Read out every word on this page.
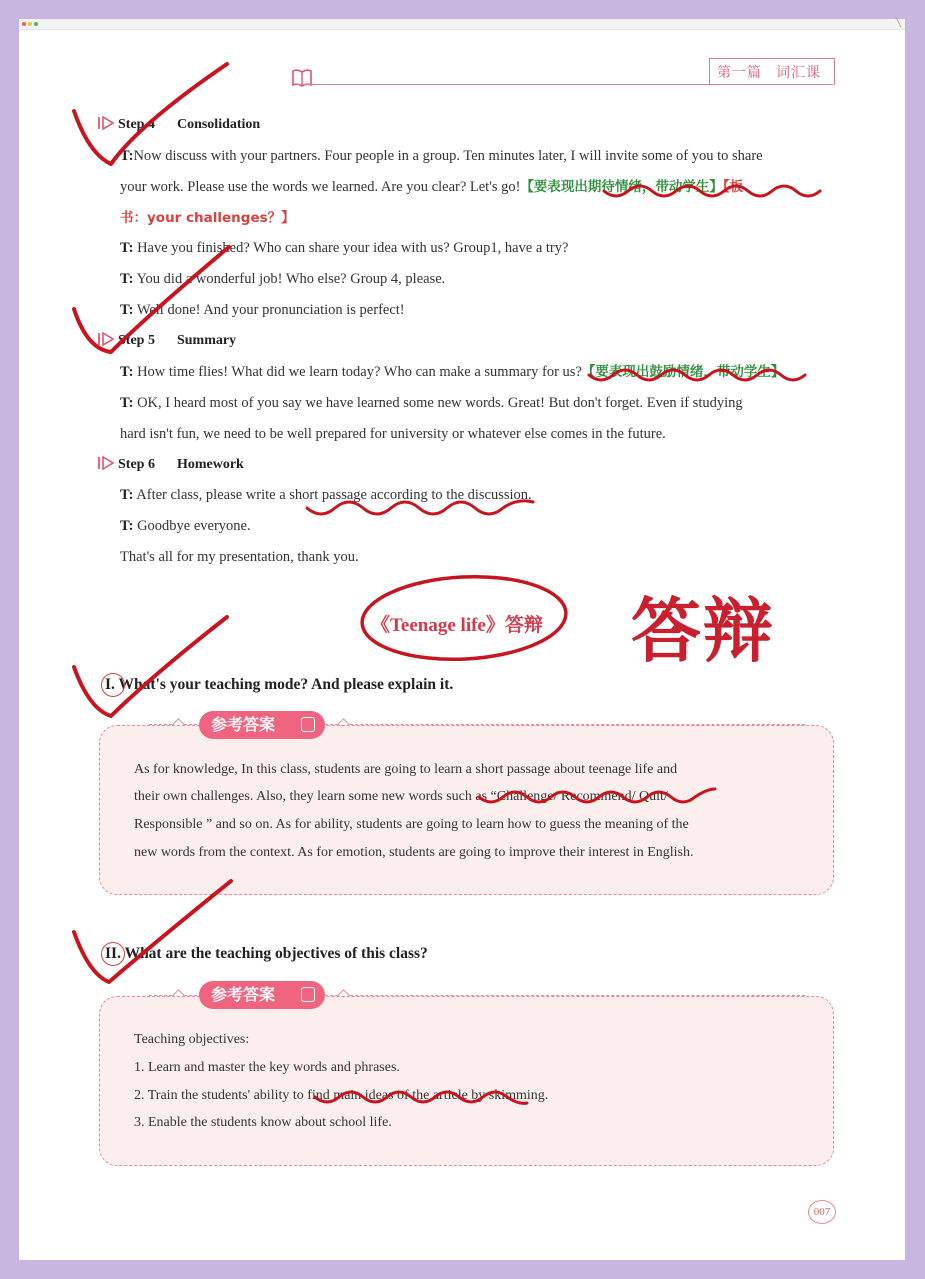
╲
第一篇 词汇课
Step 4 Consolidation
T:Now discuss with your partners. Four people in a group. Ten minutes later, I will invite some of you to share
your work. Please use the words we learned. Are you clear? Let's go!【要表现出期待情绪，带动学生】【板
书：your challenges？】
T: Have you finished? Who can share your idea with us? Group1, have a try?
T: You did a wonderful job! Who else? Group 4, please.
T: Well done! And your pronunciation is perfect!
Step 5 Summary
T: How time flies! What did we learn today? Who can make a summary for us?【要表现出鼓励情绪，带动学生】
T: OK, I heard most of you say we have learned some new words. Great! But don't forget. Even if studying
hard isn't fun, we need to be well prepared for university or whatever else comes in the future.
Step 6 Homework
T: After class, please write a short passage according to the discussion.
T: Goodbye everyone.
That's all for my presentation, thank you.
《Teenage life》答辩 答辩
I. What's your teaching mode? And please explain it.
参考答案
As for knowledge, In this class, students are going to learn a short passage about teenage life and
their own challenges. Also, they learn some new words such as “Challenge/ Recommend/ Quit/
Responsible ” and so on. As for ability, students are going to learn how to guess the meaning of the
new words from the context. As for emotion, students are going to improve their interest in English.
II. What are the teaching objectives of this class?
参考答案
Teaching objectives:
1. Learn and master the key words and phrases.
2. Train the students' ability to find main ideas of the article by skimming.
3. Enable the students know about school life.
007
